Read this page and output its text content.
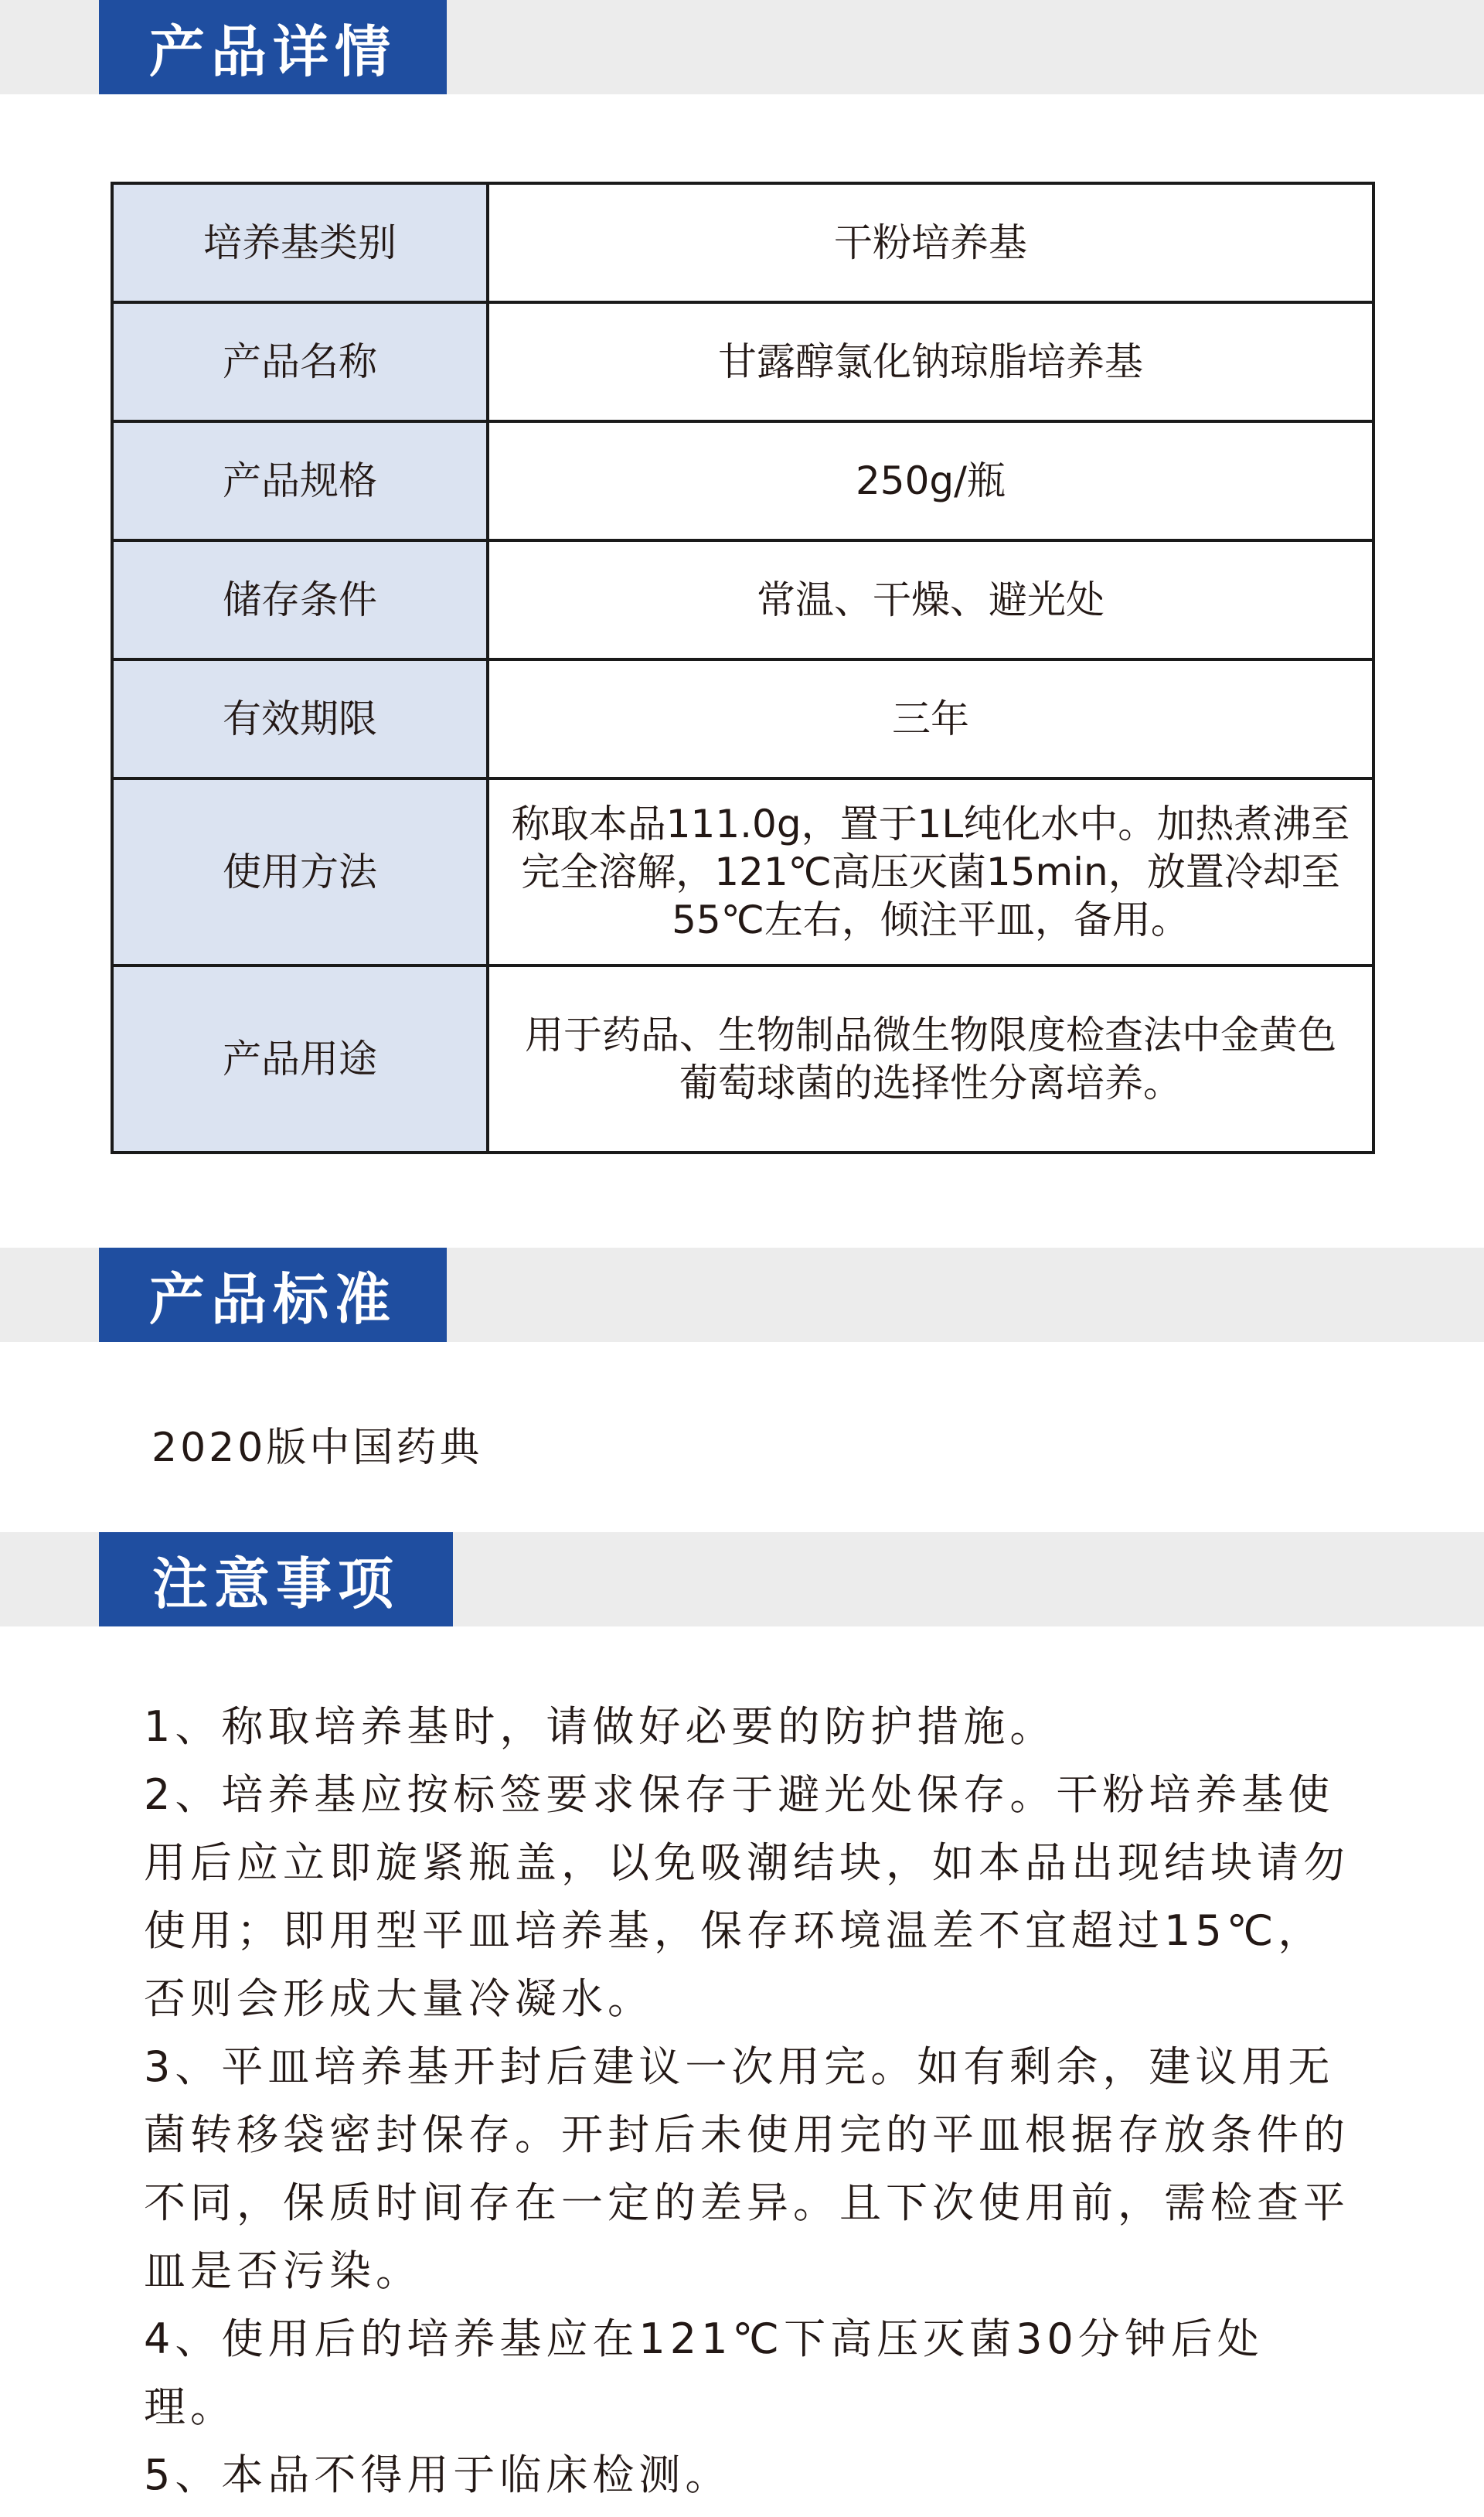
产品详情
培养基类别	干粉培养基
产品名称	甘露醇氯化钠琼脂培养基
产品规格	250g/瓶
储存条件	常温、干燥、避光处
有效期限	三年
使用方法	称取本品111.0g，置于1L纯化水中。加热煮沸至完全溶解，121℃高压灭菌15min，放置冷却至55℃左右，倾注平皿，备用。
产品用途	用于药品、生物制品微生物限度检查法中金黄色葡萄球菌的选择性分离培养。
产品标准
2020版中国药典
注意事项
1、称取培养基时，请做好必要的防护措施。
2、培养基应按标签要求保存于避光处保存。干粉培养基使用后应立即旋紧瓶盖，以免吸潮结块，如本品出现结块请勿使用；即用型平皿培养基，保存环境温差不宜超过15℃，否则会形成大量冷凝水。
3、平皿培养基开封后建议一次用完。如有剩余，建议用无菌转移袋密封保存。开封后未使用完的平皿根据存放条件的不同，保质时间存在一定的差异。且下次使用前，需检查平皿是否污染。
4、使用后的培养基应在121℃下高压灭菌30分钟后处理。
5、本品不得用于临床检测。
